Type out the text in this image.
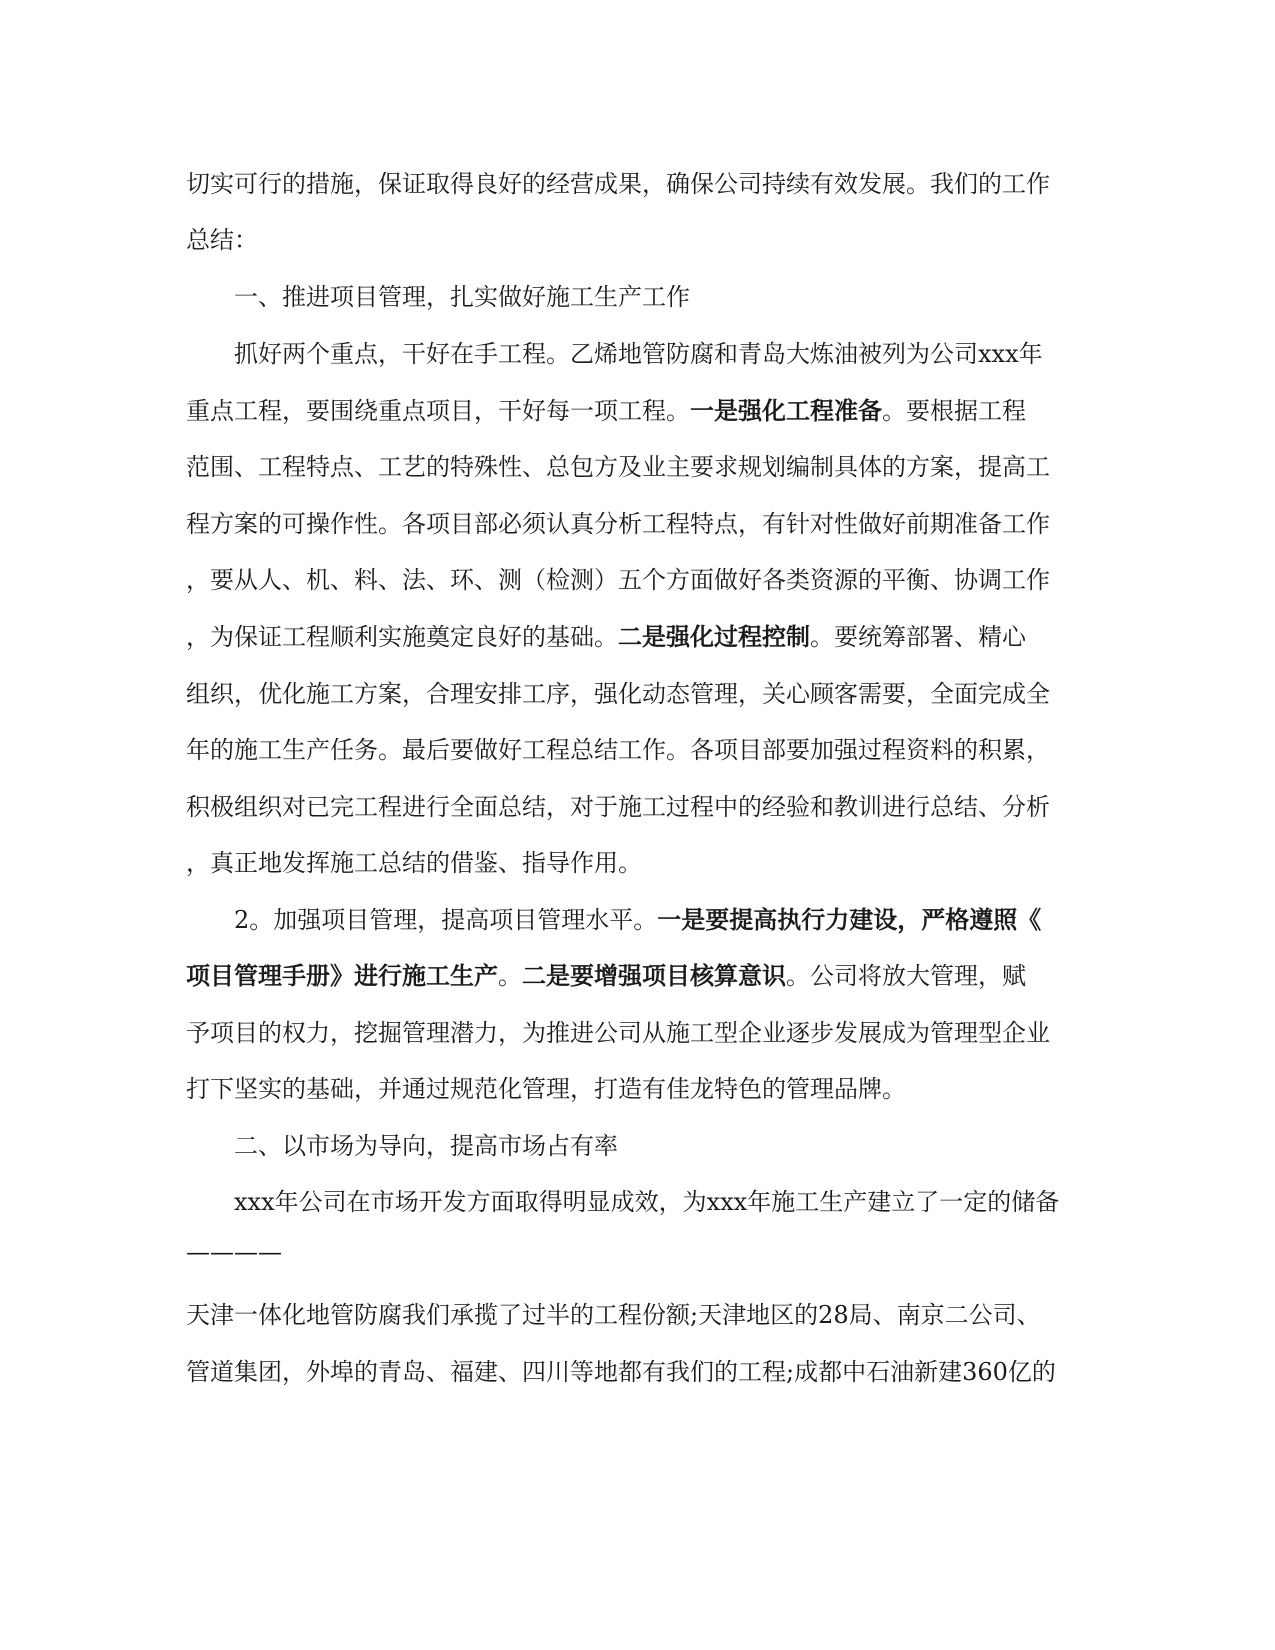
切实可行的措施，保证取得良好的经营成果，确保公司持续有效发展。我们的工作
总结：
一、推进项目管理，扎实做好施工生产工作
抓好两个重点，干好在手工程。乙烯地管防腐和青岛大炼油被列为公司xxx年
重点工程，要围绕重点项目，干好每一项工程。一是强化工程准备。要根据工程
范围、工程特点、工艺的特殊性、总包方及业主要求规划编制具体的方案，提高工
程方案的可操作性。各项目部必须认真分析工程特点，有针对性做好前期准备工作
，要从人、机、料、法、环、测（检测）五个方面做好各类资源的平衡、协调工作
，为保证工程顺利实施奠定良好的基础。二是强化过程控制。要统筹部署、精心
组织，优化施工方案，合理安排工序，强化动态管理，关心顾客需要，全面完成全
年的施工生产任务。最后要做好工程总结工作。各项目部要加强过程资料的积累，
积极组织对已完工程进行全面总结，对于施工过程中的经验和教训进行总结、分析
，真正地发挥施工总结的借鉴、指导作用。
2。加强项目管理，提高项目管理水平。一是要提高执行力建设，严格遵照《
项目管理手册》进行施工生产。二是要增强项目核算意识。公司将放大管理，赋
予项目的权力，挖掘管理潜力，为推进公司从施工型企业逐步发展成为管理型企业
打下坚实的基础，并通过规范化管理，打造有佳龙特色的管理品牌。
二、以市场为导向，提高市场占有率
xxx年公司在市场开发方面取得明显成效，为xxx年施工生产建立了一定的储备
————
天津一体化地管防腐我们承揽了过半的工程份额;天津地区的28局、南京二公司、
管道集团，外埠的青岛、福建、四川等地都有我们的工程;成都中石油新建360亿的
